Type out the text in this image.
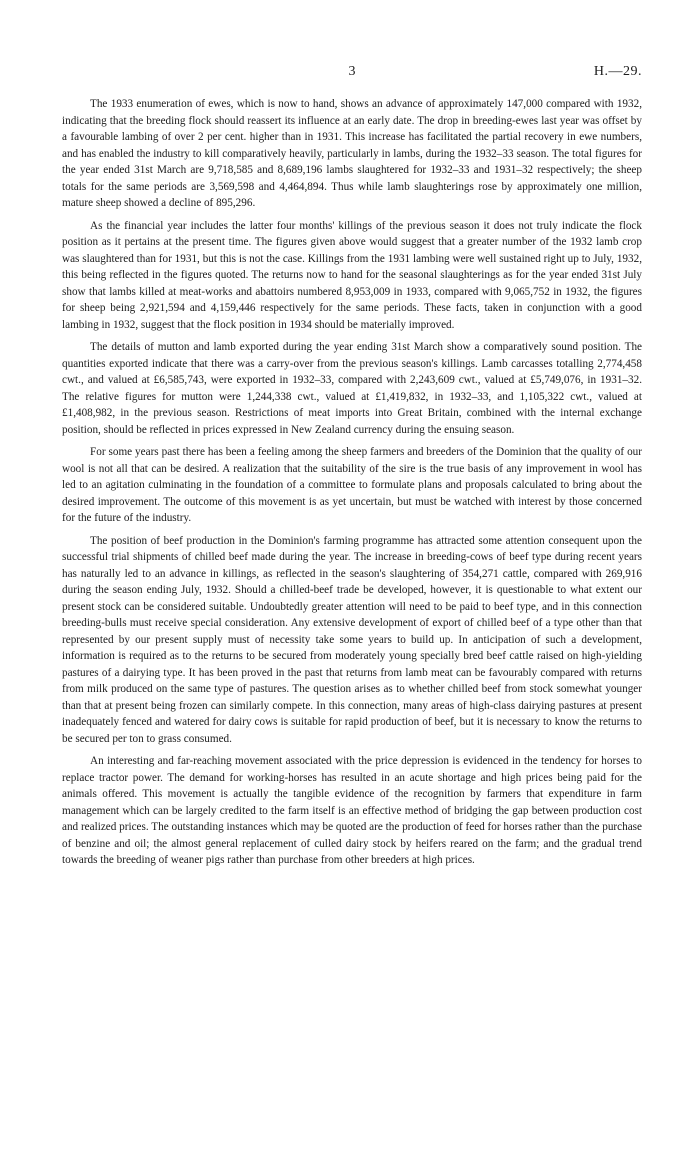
3	H.—29.

The 1933 enumeration of ewes, which is now to hand, shows an advance of approximately 147,000 compared with 1932, indicating that the breeding flock should reassert its influence at an early date. The drop in breeding-ewes last year was offset by a favourable lambing of over 2 per cent. higher than in 1931. This increase has facilitated the partial recovery in ewe numbers, and has enabled the industry to kill comparatively heavily, particularly in lambs, during the 1932–33 season. The total figures for the year ended 31st March are 9,718,585 and 8,689,196 lambs slaughtered for 1932–33 and 1931–32 respectively; the sheep totals for the same periods are 3,569,598 and 4,464,894. Thus while lamb slaughterings rose by approximately one million, mature sheep showed a decline of 895,296.

As the financial year includes the latter four months' killings of the previous season it does not truly indicate the flock position as it pertains at the present time. The figures given above would suggest that a greater number of the 1932 lamb crop was slaughtered than for 1931, but this is not the case. Killings from the 1931 lambing were well sustained right up to July, 1932, this being reflected in the figures quoted. The returns now to hand for the seasonal slaughterings as for the year ended 31st July show that lambs killed at meat-works and abattoirs numbered 8,953,009 in 1933, compared with 9,065,752 in 1932, the figures for sheep being 2,921,594 and 4,159,446 respectively for the same periods. These facts, taken in conjunction with a good lambing in 1932, suggest that the flock position in 1934 should be materially improved.

The details of mutton and lamb exported during the year ending 31st March show a comparatively sound position. The quantities exported indicate that there was a carry-over from the previous season's killings. Lamb carcasses totalling 2,774,458 cwt., and valued at £6,585,743, were exported in 1932–33, compared with 2,243,609 cwt., valued at £5,749,076, in 1931–32. The relative figures for mutton were 1,244,338 cwt., valued at £1,419,832, in 1932–33, and 1,105,322 cwt., valued at £1,408,982, in the previous season. Restrictions of meat imports into Great Britain, combined with the internal exchange position, should be reflected in prices expressed in New Zealand currency during the ensuing season.

For some years past there has been a feeling among the sheep farmers and breeders of the Dominion that the quality of our wool is not all that can be desired. A realization that the suitability of the sire is the true basis of any improvement in wool has led to an agitation culminating in the foundation of a committee to formulate plans and proposals calculated to bring about the desired improvement. The outcome of this movement is as yet uncertain, but must be watched with interest by those concerned for the future of the industry.

The position of beef production in the Dominion's farming programme has attracted some attention consequent upon the successful trial shipments of chilled beef made during the year. The increase in breeding-cows of beef type during recent years has naturally led to an advance in killings, as reflected in the season's slaughtering of 354,271 cattle, compared with 269,916 during the season ending July, 1932. Should a chilled-beef trade be developed, however, it is questionable to what extent our present stock can be considered suitable. Undoubtedly greater attention will need to be paid to beef type, and in this connection breeding-bulls must receive special consideration. Any extensive development of export of chilled beef of a type other than that represented by our present supply must of necessity take some years to build up. In anticipation of such a development, information is required as to the returns to be secured from moderately young specially bred beef cattle raised on high-yielding pastures of a dairying type. It has been proved in the past that returns from lamb meat can be favourably compared with returns from milk produced on the same type of pastures. The question arises as to whether chilled beef from stock somewhat younger than that at present being frozen can similarly compete. In this connection, many areas of high-class dairying pastures at present inadequately fenced and watered for dairy cows is suitable for rapid production of beef, but it is necessary to know the returns to be secured per ton to grass consumed.

An interesting and far-reaching movement associated with the price depression is evidenced in the tendency for horses to replace tractor power. The demand for working-horses has resulted in an acute shortage and high prices being paid for the animals offered. This movement is actually the tangible evidence of the recognition by farmers that expenditure in farm management which can be largely credited to the farm itself is an effective method of bridging the gap between production cost and realized prices. The outstanding instances which may be quoted are the production of feed for horses rather than the purchase of benzine and oil; the almost general replacement of culled dairy stock by heifers reared on the farm; and the gradual trend towards the breeding of weaner pigs rather than purchase from other breeders at high prices.
